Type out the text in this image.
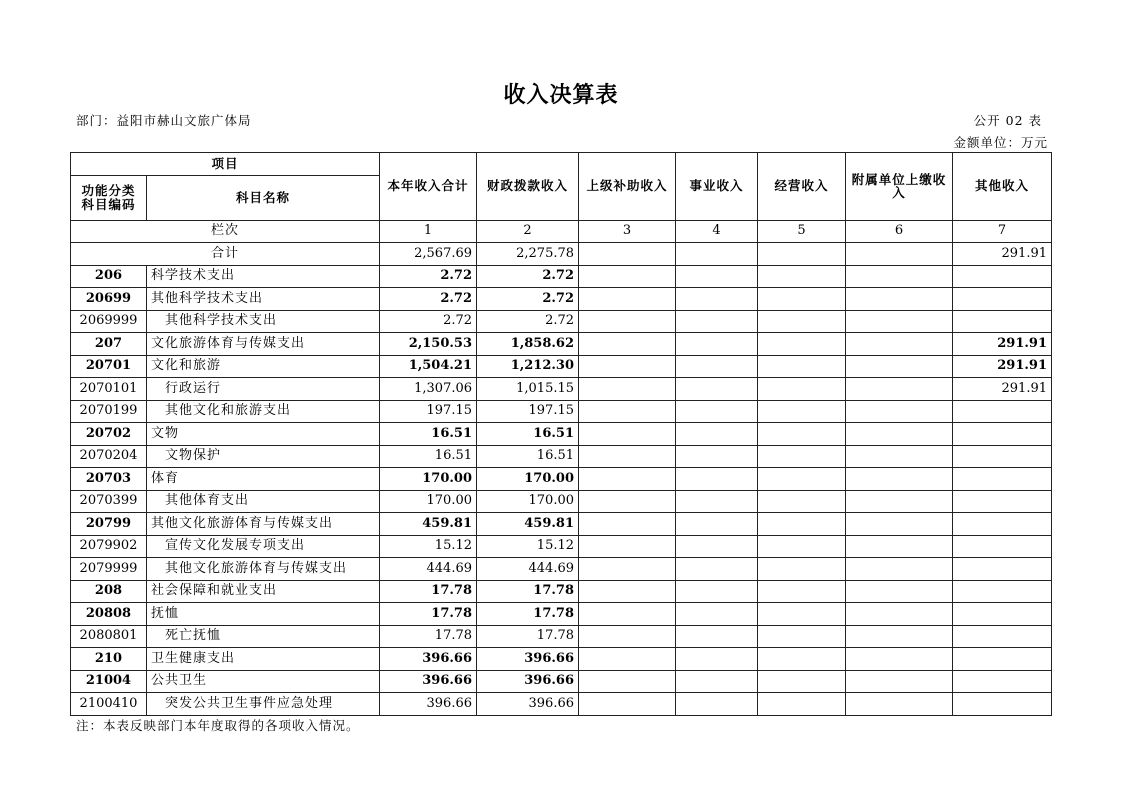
收入决算表
部门：益阳市赫山文旅广体局	公开 02 表
金额单位：万元
项目		本年收入合计	财政拨款收入	上级补助收入	事业收入	经营收入	附属单位上缴收入	其他收入
功能分类科目编码	科目名称							
栏次		1	2	3	4	5	6	7
合计		2,567.69	2,275.78					291.91
206	科学技术支出	2.72	2.72					
20699	其他科学技术支出	2.72	2.72					
2069999	其他科学技术支出	2.72	2.72					
207	文化旅游体育与传媒支出	2,150.53	1,858.62					291.91
20701	文化和旅游	1,504.21	1,212.30					291.91
2070101	行政运行	1,307.06	1,015.15					291.91
2070199	其他文化和旅游支出	197.15	197.15					
20702	文物	16.51	16.51					
2070204	文物保护	16.51	16.51					
20703	体育	170.00	170.00					
2070399	其他体育支出	170.00	170.00					
20799	其他文化旅游体育与传媒支出	459.81	459.81					
2079902	宣传文化发展专项支出	15.12	15.12					
2079999	其他文化旅游体育与传媒支出	444.69	444.69					
208	社会保障和就业支出	17.78	17.78					
20808	抚恤	17.78	17.78					
2080801	死亡抚恤	17.78	17.78					
210	卫生健康支出	396.66	396.66					
21004	公共卫生	396.66	396.66					
2100410	突发公共卫生事件应急处理	396.66	396.66					
注：本表反映部门本年度取得的各项收入情况。
